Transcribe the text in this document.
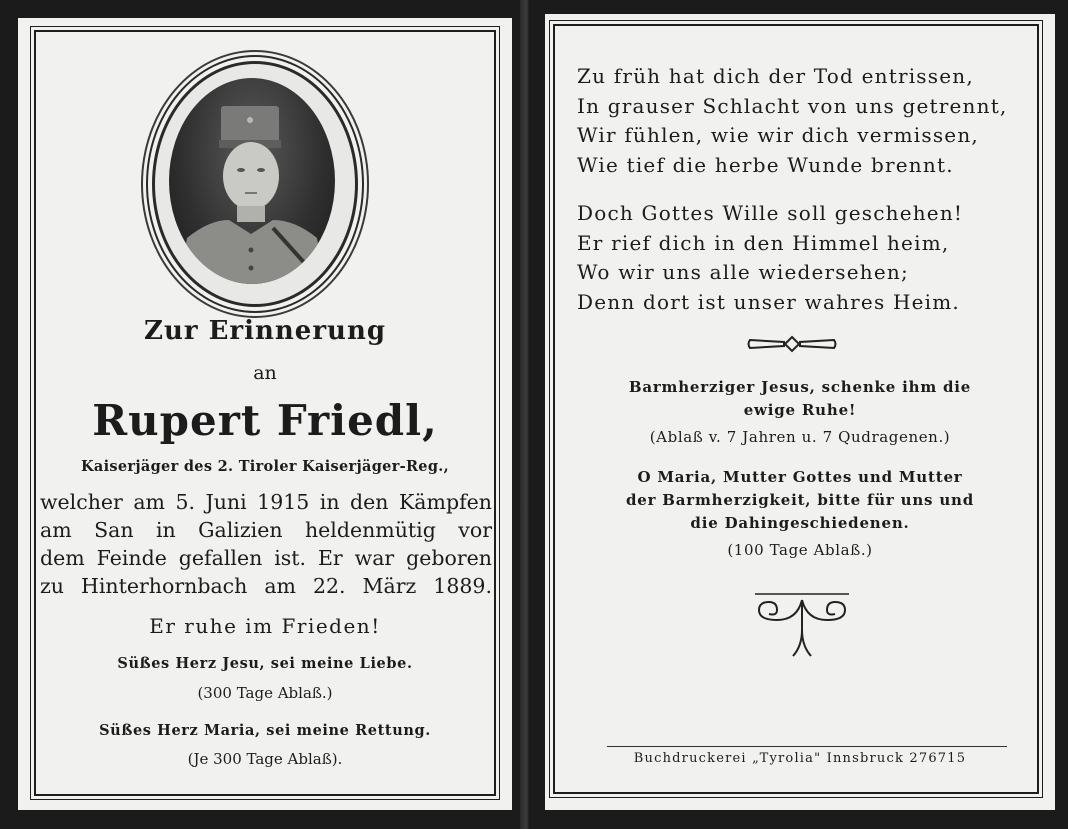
Zur Erinnerung
an
Rupert Friedl,
Kaiserjäger des 2. Tiroler Kaiserjäger-Reg.,
welcher am 5. Juni 1915 in den Kämpfen
am San in Galizien heldenmütig vor
dem Feinde gefallen ist. Er war geboren
zu Hinterhornbach am 22. März 1889.
Er ruhe im Frieden!
Süßes Herz Jesu, sei meine Liebe.
(300 Tage Ablaß.)
Süßes Herz Maria, sei meine Rettung.
(Je 300 Tage Ablaß).
Zu früh hat dich der Tod entrissen,
In grauser Schlacht von uns getrennt,
Wir fühlen, wie wir dich vermissen,
Wie tief die herbe Wunde brennt.
Doch Gottes Wille soll geschehen!
Er rief dich in den Himmel heim,
Wo wir uns alle wiedersehen;
Denn dort ist unser wahres Heim.
Barmherziger Jesus, schenke ihm die
ewige Ruhe!
(Ablaß v. 7 Jahren u. 7 Qudragenen.)
O Maria, Mutter Gottes und Mutter
der Barmherzigkeit, bitte für uns und
die Dahingeschiedenen.
(100 Tage Ablaß.)
Buchdruckerei „Tyrolia" Innsbruck 276715
